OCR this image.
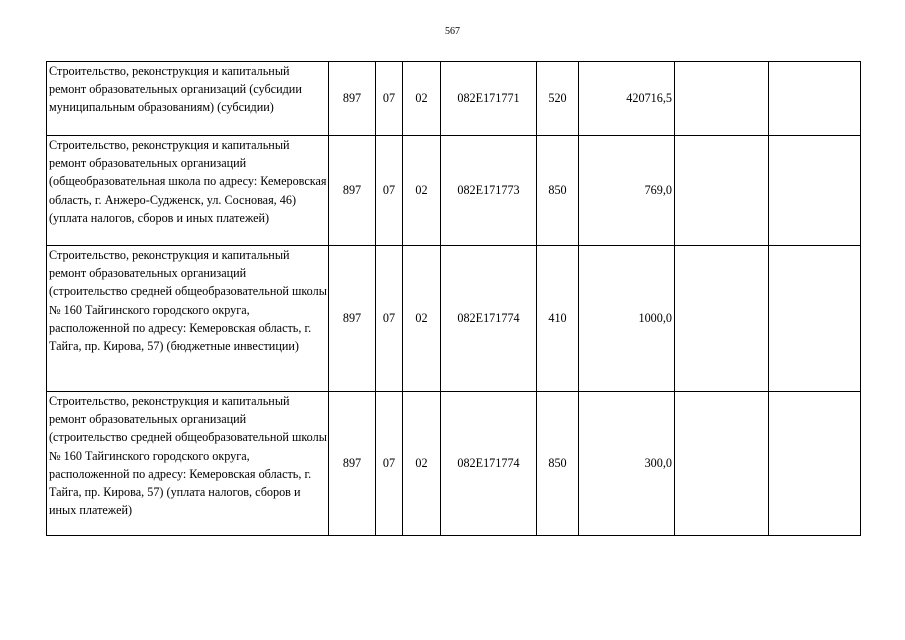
567
Строительство, реконструкция и капитальный ремонт образовательных организаций (субсидии муниципальным образованиям) (субсидии)	897	07	02	082E171771	520	420716,5		
Строительство, реконструкция и капитальный ремонт образовательных организаций (общеобразовательная школа по адресу: Кемеровская область, г. Анжеро-Судженск, ул. Сосновая, 46) (уплата налогов, сборов и иных платежей)	897	07	02	082E171773	850	769,0		
Строительство, реконструкция и капитальный ремонт образовательных организаций (строительство средней общеобразовательной школы № 160 Тайгинского городского округа, расположенной по адресу: Кемеровская область, г. Тайга, пр. Кирова, 57) (бюджетные инвестиции)	897	07	02	082E171774	410	1000,0		
Строительство, реконструкция и капитальный ремонт образовательных организаций (строительство средней общеобразовательной школы № 160 Тайгинского городского округа, расположенной по адресу: Кемеровская область, г. Тайга, пр. Кирова, 57) (уплата налогов, сборов и иных платежей)	897	07	02	082E171774	850	300,0		
